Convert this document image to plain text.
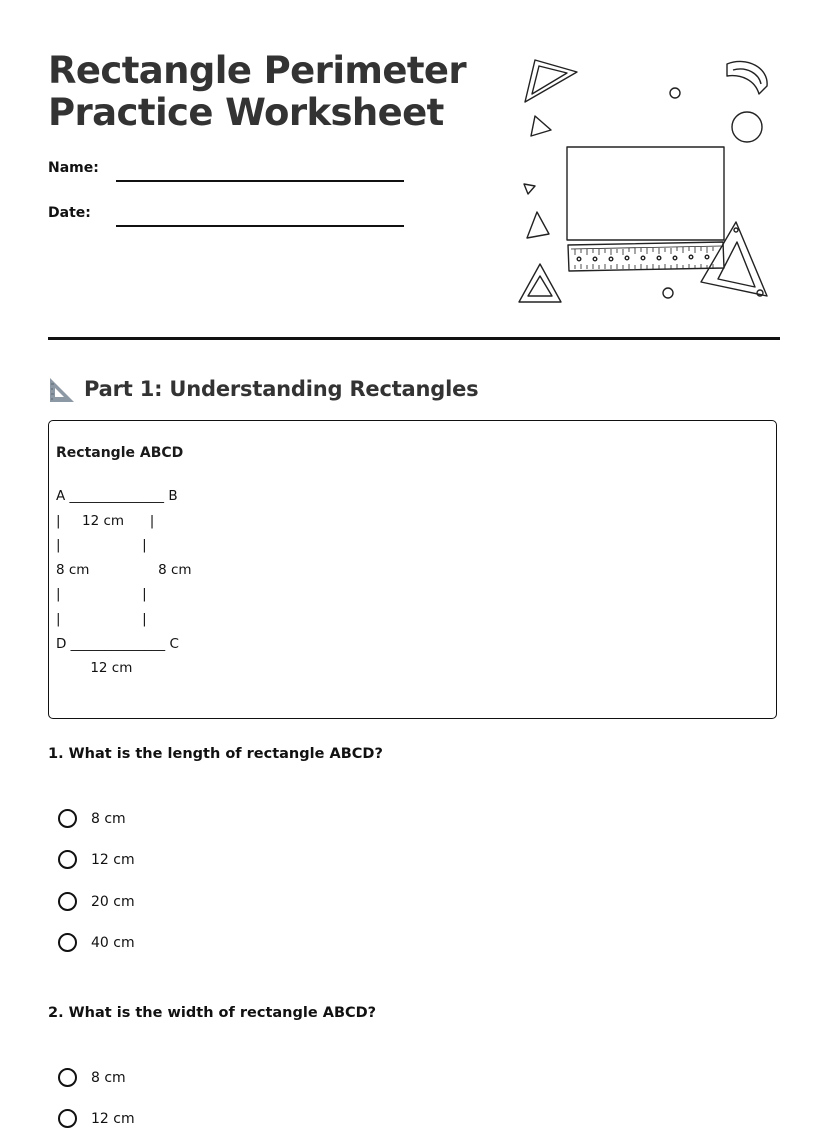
Rectangle Perimeter
Practice Worksheet
Name:
Date:
Part 1: Understanding Rectangles
Rectangle ABCD
A ______________ B
|     12 cm      |
|                   |
8 cm                8 cm
|                   |
|                   |
D ______________ C
12 cm
1. What is the length of rectangle ABCD?
8 cm
12 cm
20 cm
40 cm
2. What is the width of rectangle ABCD?
8 cm
12 cm
